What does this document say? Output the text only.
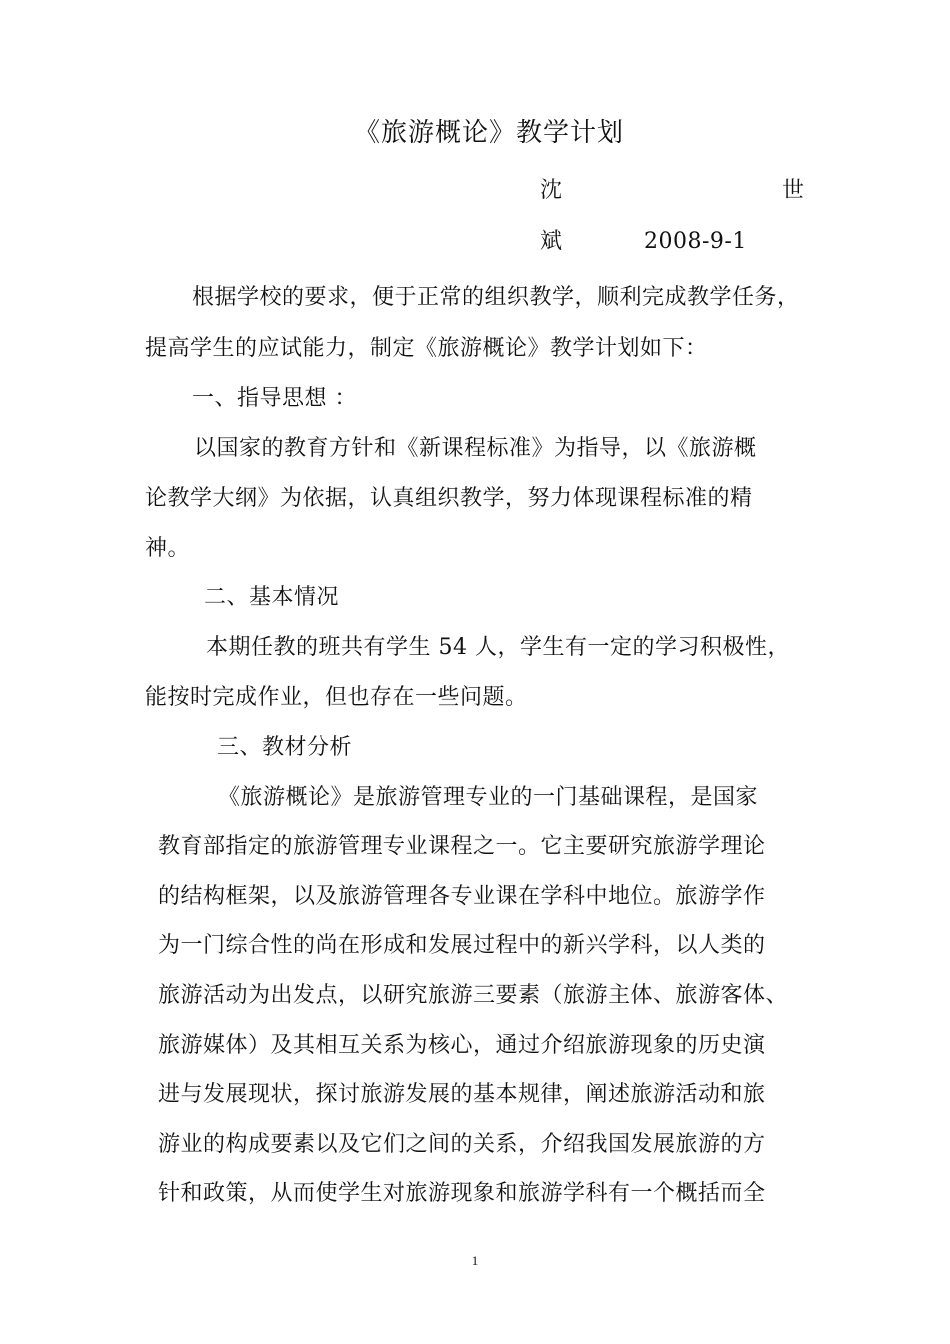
《旅游概论》教学计划
沈	世
斌	2008-9-1
根据学校的要求，便于正常的组织教学，顺利完成教学任务，
提高学生的应试能力，制定《旅游概论》教学计划如下：
一、指导思想 ：
以国家的教育方针和《新课程标准》为指导，以《旅游概
论教学大纲》为依据，认真组织教学，努力体现课程标准的精
神。
二、基本情况
本期任教的班共有学生 54 人，学生有一定的学习积极性，
能按时完成作业，但也存在一些问题。
三、教材分析
《旅游概论》是旅游管理专业的一门基础课程，是国家
教育部指定的旅游管理专业课程之一。它主要研究旅游学理论
的结构框架，以及旅游管理各专业课在学科中地位。旅游学作
为一门综合性的尚在形成和发展过程中的新兴学科，以人类的
旅游活动为出发点，以研究旅游三要素（旅游主体、旅游客体、
旅游媒体）及其相互关系为核心，通过介绍旅游现象的历史演
进与发展现状，探讨旅游发展的基本规律，阐述旅游活动和旅
游业的构成要素以及它们之间的关系，介绍我国发展旅游的方
针和政策，从而使学生对旅游现象和旅游学科有一个概括而全
1
